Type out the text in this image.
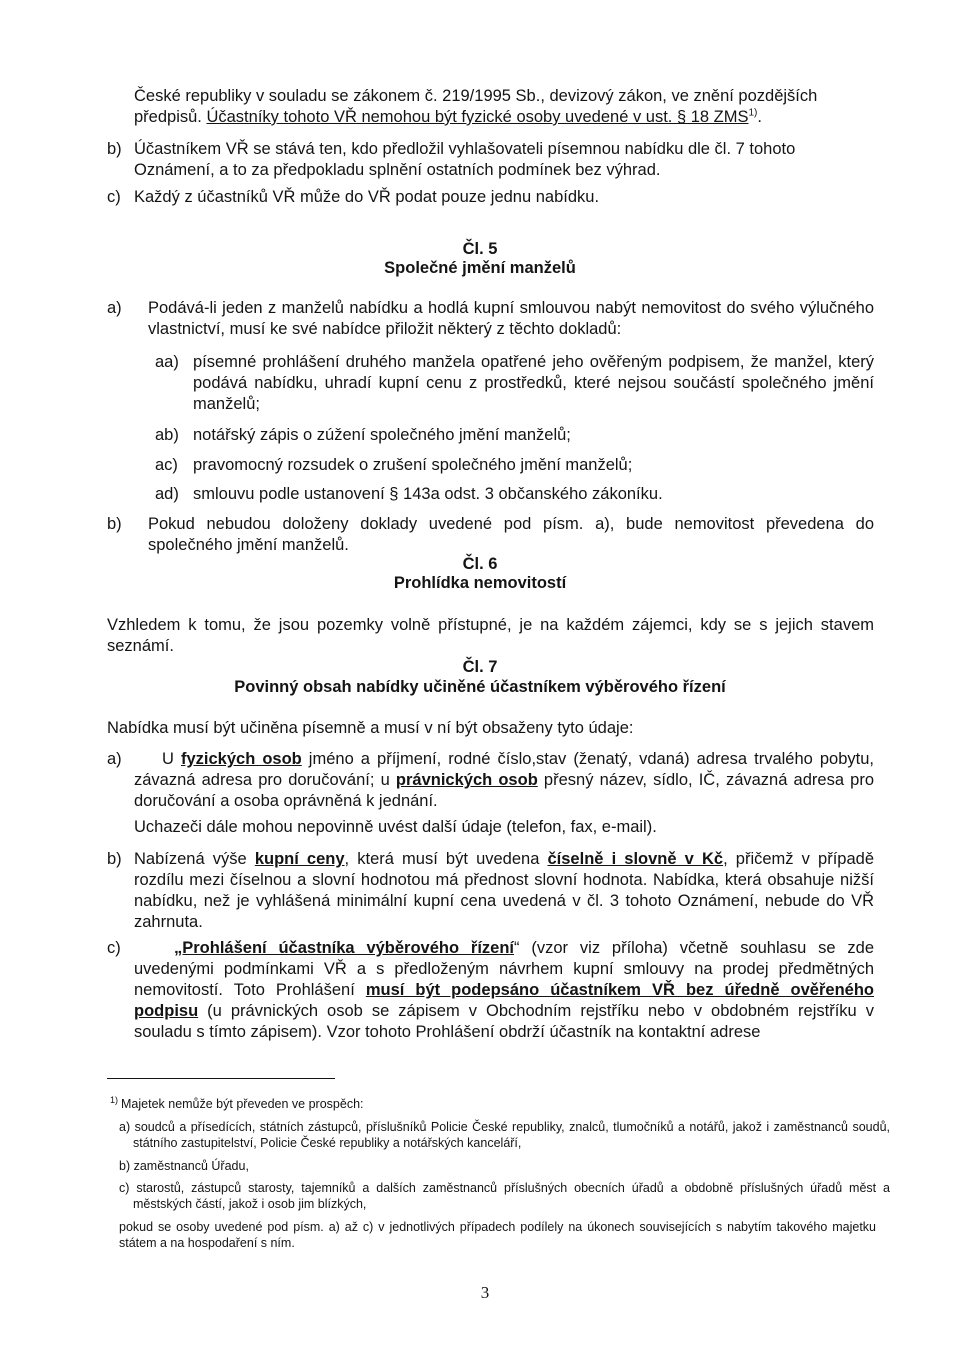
České republiky v souladu se zákonem č. 219/1995 Sb., devizový zákon, ve znění pozdějších
předpisů. Účastníky tohoto VŘ nemohou být fyzické osoby uvedené v ust. § 18 ZMS$^{1)}$.

b) Účastníkem VŘ se stává ten, kdo předložil vyhlašovateli písemnou nabídku dle čl. 7 tohoto Oznámení, a to za předpokladu splnění ostatních podmínek bez výhrad.

c) Každý z účastníků VŘ může do VŘ podat pouze jednu nabídku.

Čl. 5

Společné jmění manželů

a) Podává-li jeden z manželů nabídku a hodlá kupní smlouvou nabýt nemovitost do svého výlučného vlastnictví, musí ke své nabídce přiložit některý z těchto dokladů:

aa) písemné prohlášení druhého manžela opatřené jeho ověřeným podpisem, že manžel, který podává nabídku, uhradí kupní cenu z prostředků, které nejsou součástí společného jmění manželů;

ab) notářský zápis o zúžení společného jmění manželů;

ac) pravomocný rozsudek o zrušení společného jmění manželů;

ad) smlouvu podle ustanovení § 143a odst. 3 občanského zákoníku.

b) Pokud nebudou doloženy doklady uvedené pod písm. a), bude nemovitost převedena do společného jmění manželů.

Čl. 6

Prohlídka nemovitostí

Vzhledem k tomu, že jsou pozemky volně přístupné, je na každém zájemci, kdy se s jejich stavem seznámí.

Čl. 7

Povinný obsah nabídky učiněné účastníkem výběrového řízení

Nabídka musí být učiněna písemně a musí v ní být obsaženy tyto údaje:

a)	U fyzických osob jméno a příjmení, rodné číslo,stav (ženatý, vdaná) adresa trvalého pobytu, závazná adresa pro doručování; u právnických osob přesný název, sídlo, IČ, závazná adresa pro doručování a osoba oprávněná k jednání.

Uchazeči dále mohou nepovinně uvést další údaje (telefon, fax, e-mail).

b) Nabízená výše kupní ceny, která musí být uvedena číselně i slovně v Kč, přičemž v případě rozdílu mezi číselnou a slovní hodnotou má přednost slovní hodnota. Nabídka, která obsahuje nižší nabídku, než je vyhlášená minimální kupní cena uvedená v čl. 3 tohoto Oznámení, nebude do VŘ zahrnuta.

c)	„Prohlášení účastníka výběrového řízení“ (vzor viz příloha) včetně souhlasu se zde uvedenými podmínkami VŘ a s předloženým návrhem kupní smlouvy na prodej předmětných nemovitostí. Toto Prohlášení musí být podepsáno účastníkem VŘ bez úředně ověřeného podpisu (u právnických osob se zápisem v Obchodním rejstříku nebo v obdobném rejstříku v souladu s tímto zápisem). Vzor tohoto Prohlášení obdrží účastník na kontaktní adrese

$^{1)}$ Majetek nemůže být převeden ve prospěch:

a) soudců a přísedících, státních zástupců, příslušníků Policie České republiky, znalců, tlumočníků a notářů, jakož i zaměstnanců soudů, státního zastupitelství, Policie České republiky a notářských kanceláří,

b) zaměstnanců Úřadu,

c) starostů, zástupců starosty, tajemníků a dalších zaměstnanců příslušných obecních úřadů a obdobně příslušných úřadů měst a městských částí, jakož i osob jim blízkých,

pokud se osoby uvedené pod písm. a) až c) v jednotlivých případech podílely na úkonech souvisejících s nabytím takového majetku státem a na hospodaření s ním.

3
